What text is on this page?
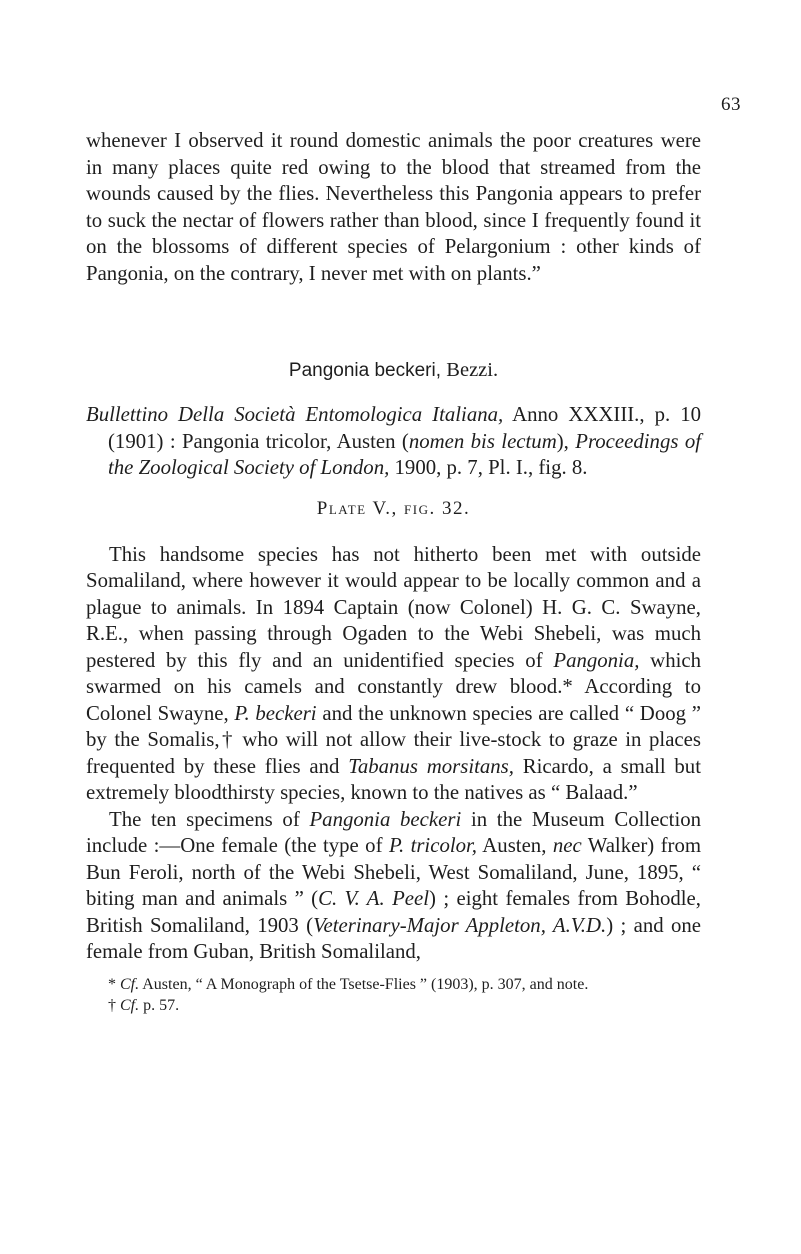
63

whenever I observed it round domestic animals the poor creatures were in many places quite red owing to the blood that streamed from the wounds caused by the flies. Nevertheless this Pangonia appears to prefer to suck the nectar of flowers rather than blood, since I frequently found it on the blossoms of different species of Pelargonium : other kinds of Pangonia, on the contrary, I never met with on plants.”

Pangonia beckeri, Bezzi.

Bullettino Della Società Entomologica Italiana, Anno XXXIII., p. 10 (1901) : Pangonia tricolor, Austen (nomen bis lectum), Proceedings of the Zoological Society of London, 1900, p. 7, Pl. I., fig. 8.

Plate V., fig. 32.

This handsome species has not hitherto been met with outside Somaliland, where however it would appear to be locally common and a plague to animals. In 1894 Captain (now Colonel) H. G. C. Swayne, R.E., when passing through Ogaden to the Webi Shebeli, was much pestered by this fly and an unidentified species of Pangonia, which swarmed on his camels and constantly drew blood.* According to Colonel Swayne, P. beckeri and the unknown species are called “ Doog ” by the Somalis,† who will not allow their live-stock to graze in places frequented by these flies and Tabanus morsitans, Ricardo, a small but extremely bloodthirsty species, known to the natives as “ Balaad.”

The ten specimens of Pangonia beckeri in the Museum Collection include :—One female (the type of P. tricolor, Austen, nec Walker) from Bun Feroli, north of the Webi Shebeli, West Somaliland, June, 1895, “ biting man and animals ” (C. V. A. Peel) ; eight females from Bohodle, British Somaliland, 1903 (Veterinary-Major Appleton, A.V.D.) ; and one female from Guban, British Somaliland,

* Cf. Austen, “ A Monograph of the Tsetse-Flies ” (1903), p. 307, and note.

† Cf. p. 57.
